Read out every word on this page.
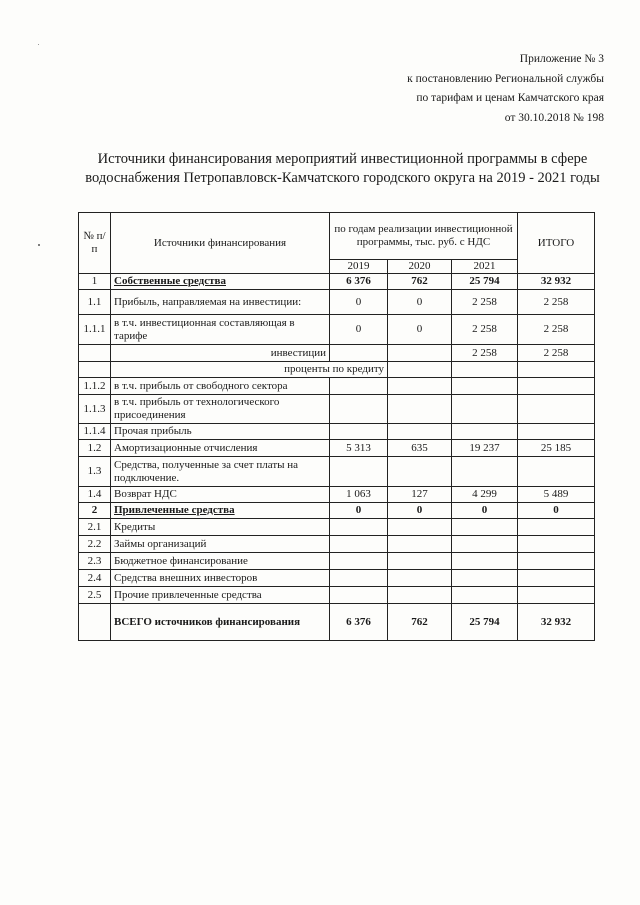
Приложение № 3
к постановлению Региональной службы
по тарифам и ценам Камчатского края
от 30.10.2018 № 198
Источники финансирования мероприятий инвестиционной программы в сфере
водоснабжения Петропавловск-Камчатского городского округа на 2019 - 2021 годы
№ п/п	Источники финансирования	по годам реализации инвестиционной программы, тыс. руб. с НДС			ИТОГО
		2019	2020	2021	
1	Собственные средства	6 376	762	25 794	32 932
1.1	Прибыль, направляемая на инвестиции:	0	0	2 258	2 258
1.1.1	в т.ч. инвестиционная составляющая в тарифе	0	0	2 258	2 258
	инвестиции			2 258	2 258
	проценты по кредиту				
1.1.2	в т.ч. прибыль от свободного сектора				
1.1.3	в т.ч. прибыль от технологического присоединения				
1.1.4	Прочая прибыль				
1.2	Амортизационные отчисления	5 313	635	19 237	25 185
1.3	Средства, полученные за счет платы на подключение.				
1.4	Возврат НДС	1 063	127	4 299	5 489
2	Привлеченные средства	0	0	0	0
2.1	Кредиты				
2.2	Займы организаций				
2.3	Бюджетное финансирование				
2.4	Средства внешних инвесторов				
2.5	Прочие привлеченные средства				
	ВСЕГО источников финансирования	6 376	762	25 794	32 932
